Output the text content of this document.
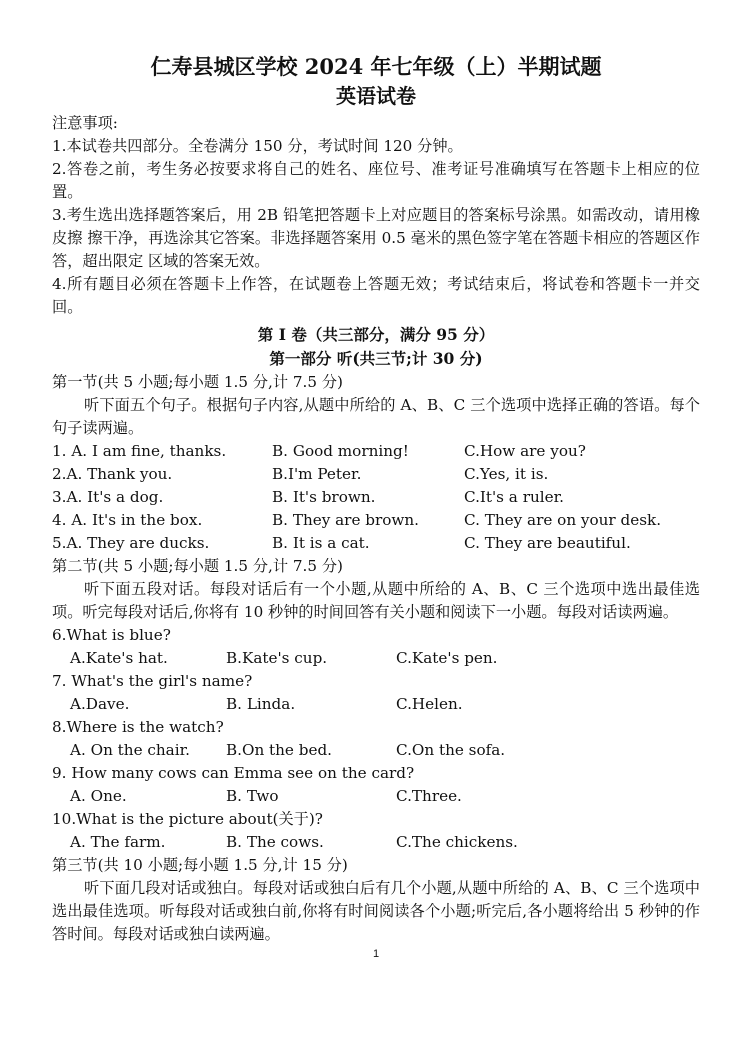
仁寿县城区学校 2024 年七年级（上）半期试题

英语试卷

注意事项:

1.本试卷共四部分。全卷满分 150 分，考试时间 120 分钟。

2.答卷之前，考生务必按要求将自己的姓名、座位号、准考证号准确填写在答题卡上相应的位置。

3.考生选出选择题答案后，用 2B 铅笔把答题卡上对应题目的答案标号涂黑。如需改动，请用橡皮擦 擦干净，再选涂其它答案。非选择题答案用 0.5 毫米的黑色签字笔在答题卡相应的答题区作答，超出限定 区域的答案无效。

4.所有题目必须在答题卡上作答，在试题卷上答题无效；考试结束后，将试卷和答题卡一并交回。

第 I 卷（共三部分，满分 95 分）

第一部分 听(共三节;计 30 分)

第一节(共 5 小题;每小题 1.5 分,计 7.5 分)

听下面五个句子。根据句子内容,从题中所给的 A、B、C 三个选项中选择正确的答语。每个句子读两遍。

1. A. I am fine, thanks.	B. Good morning!	C.How are you?
2.A. Thank you.	B.I'm Peter.	C.Yes, it is.
3.A. It's a dog.	B. It's brown.	C.It's a ruler.
4. A. It's in the box.	B. They are brown.	C. They are on your desk.
5.A. They are ducks.	B. It is a cat.	C. They are beautiful.

第二节(共 5 小题;每小题 1.5 分,计 7.5 分)

听下面五段对话。每段对话后有一个小题,从题中所给的 A、B、C 三个选项中选出最佳选项。听完每段对话后,你将有 10 秒钟的时间回答有关小题和阅读下一小题。每段对话读两遍。

6.What is blue?

A.Kate's hat.	B.Kate's cup.	C.Kate's pen.

7. What's the girl's name?

A.Dave.	B. Linda.	C.Helen.

8.Where is the watch?

A. On the chair.	B.On the bed.	C.On the sofa.

9. How many cows can Emma see on the card?

A. One.	B. Two	C.Three.

10.What is the picture about(关于)?

A. The farm.	B. The cows.	C.The chickens.

第三节(共 10 小题;每小题 1.5 分,计 15 分)

听下面几段对话或独白。每段对话或独白后有几个小题,从题中所给的 A、B、C 三个选项中选出最佳选项。听每段对话或独白前,你将有时间阅读各个小题;听完后,各小题将给出 5 秒钟的作答时间。每段对话或独白读两遍。

1
